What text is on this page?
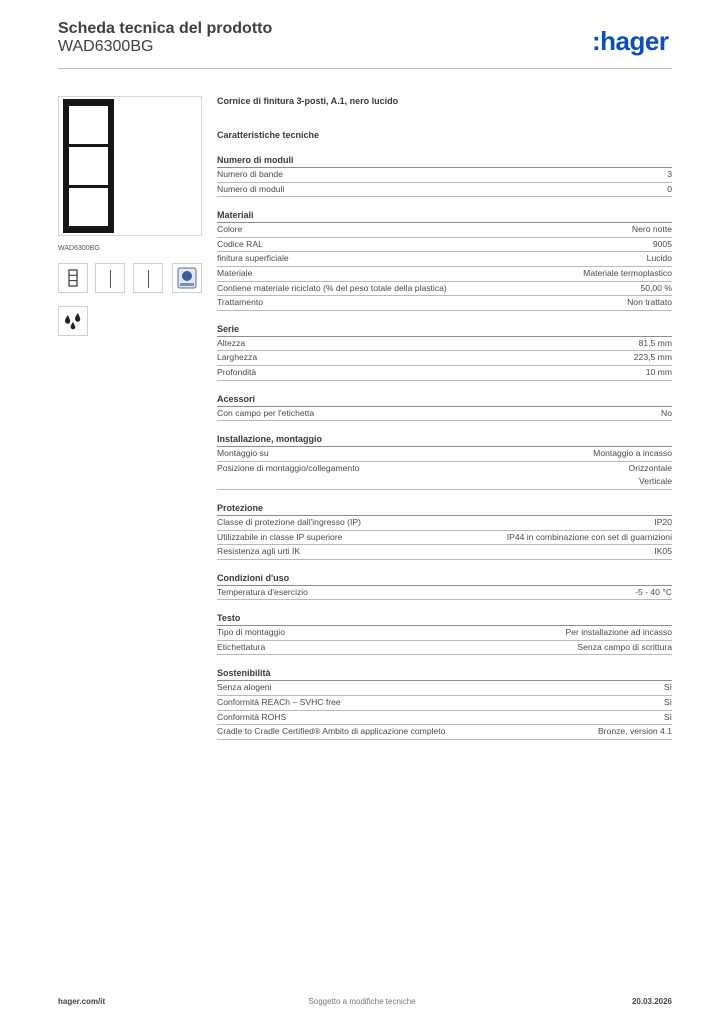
Scheda tecnica del prodotto
WAD6300BG	:hager
WAD6300BG
Cornice di finitura 3-posti, A.1, nero lucido
Caratteristiche tecniche
Numero di moduli
Numero di bande	3
Numero di moduli	0
Materiali
Colore	Nero notte
Codice RAL	9005
finitura superficiale	Lucido
Materiale	Materiale termoplastico
Contiene materiale riciclato (% del peso totale della plastica)	50,00 %
Trattamento	Non trattato
Serie
Altezza	81,5 mm
Larghezza	223,5 mm
Profondità	10 mm
Acessori
Con campo per l'etichetta	No
Installazione, montaggio
Montaggio su	Montaggio a incasso
Posizione di montaggio/collegamento	Orizzontale
Verticale
Protezione
Classe di protezione dall'ingresso (IP)	IP20
Utilizzabile in classe IP superiore	IP44 in combinazione con set di guarnizioni
Resistenza agli urti IK	IK05
Condizioni d'uso
Temperatura d'esercizio	-5 - 40 °C
Testo
Tipo di montaggio	Per installazione ad incasso
Etichettatura	Senza campo di scrittura
Sostenibilità
Senza alogeni	Sì
Conformità REACh – SVHC free	Sì
Conformità ROHS	Sì
Cradle to Cradle Certified® Ambito di applicazione completo	Bronze, version 4.1
hager.com/it	Soggetto a modifiche tecniche	20.03.2026
